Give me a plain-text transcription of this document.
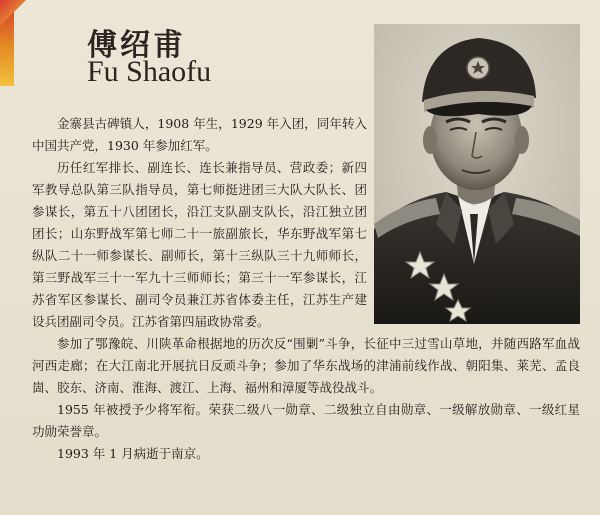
傅绍甫
Fu Shaofu

金寨县古碑镇人，1908 年生，1929 年入团，同年转入中国共产党，1930 年参加红军。

历任红军排长、副连长、连长兼指导员、营政委；新四军教导总队第三队指导员，第七师挺进团三大队大队长、团参谋长，第五十八团团长，沿江支队副支队长，沿江独立团团长；山东野战军第七师二十一旅副旅长，华东野战军第七纵队二十一师参谋长、副师长，第十三纵队三十九师师长，第三野战军三十一军九十三师师长；第三十一军参谋长，江苏省军区参谋长、副司令员兼江苏省体委主任，江苏生产建设兵团副司令员。江苏省第四届政协常委。

参加了鄂豫皖、川陕革命根据地的历次反“围剿”斗争，长征中三过雪山草地，并随西路军血战河西走廊；在大江南北开展抗日反顽斗争；参加了华东战场的津浦前线作战、朝阳集、莱芜、孟良崮、胶东、济南、淮海、渡江、上海、福州和漳厦等战役战斗。

1955 年被授予少将军衔。荣获二级八一勋章、二级独立自由勋章、一级解放勋章、一级红星功勋荣誉章。

1993 年 1 月病逝于南京。
